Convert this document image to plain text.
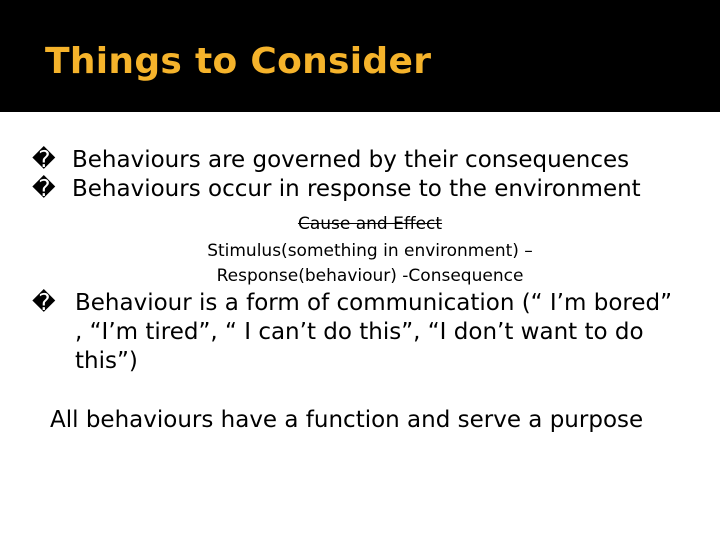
Things to Consider
� Behaviours are governed by their consequences
� Behaviours occur in response to the environment
Cause and Effect
Stimulus(something in environment) –
Response(behaviour) -Consequence
� Behaviour is a form of communication (“ I’m bored” , “I’m tired”, “ I can’t do this”, “I don’t want to do this”)
All behaviours have a function and serve a purpose
